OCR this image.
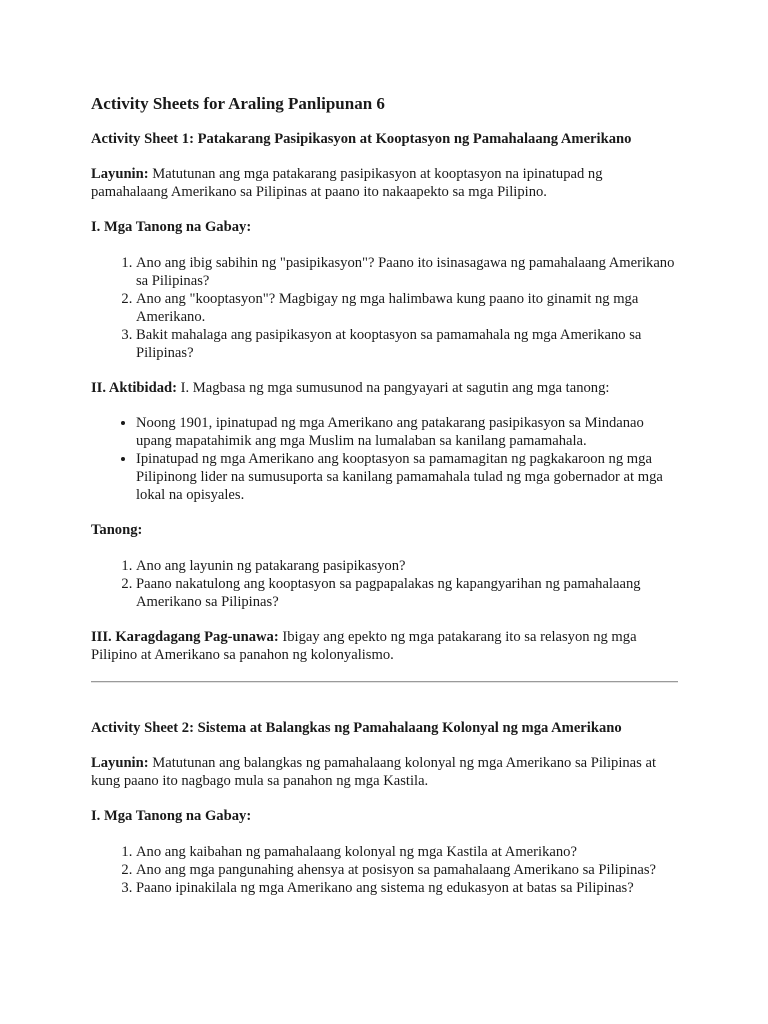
Activity Sheets for Araling Panlipunan 6
Activity Sheet 1: Patakarang Pasipikasyon at Kooptasyon ng Pamahalaang Amerikano

Layunin: Matutunan ang mga patakarang pasipikasyon at kooptasyon na ipinatupad ng pamahalaang Amerikano sa Pilipinas at paano ito nakaapekto sa mga Pilipino.

I. Mga Tanong na Gabay:
1. Ano ang ibig sabihin ng "pasipikasyon"? Paano ito isinasagawa ng pamahalaang Amerikano sa Pilipinas?
2. Ano ang "kooptasyon"? Magbigay ng mga halimbawa kung paano ito ginamit ng mga Amerikano.
3. Bakit mahalaga ang pasipikasyon at kooptasyon sa pamamahala ng mga Amerikano sa Pilipinas?

II. Aktibidad: I. Magbasa ng mga sumusunod na pangyayari at sagutin ang mga tanong:

• Noong 1901, ipinatupad ng mga Amerikano ang patakarang pasipikasyon sa Mindanao upang mapatahimik ang mga Muslim na lumalaban sa kanilang pamamahala.
• Ipinatupad ng mga Amerikano ang kooptasyon sa pamamagitan ng pagkakaroon ng mga Pilipinong lider na sumusuporta sa kanilang pamamahala tulad ng mga gobernador at mga lokal na opisyales.
Tanong:
1. Ano ang layunin ng patakarang pasipikasyon?
2. Paano nakatulong ang kooptasyon sa pagpapalakas ng kapangyarihan ng pamahalaang Amerikano sa Pilipinas?

III. Karagdagang Pag-unawa: Ibigay ang epekto ng mga patakarang ito sa relasyon ng mga Pilipino at Amerikano sa panahon ng kolonyalismo.

Activity Sheet 2: Sistema at Balangkas ng Pamahalaang Kolonyal ng mga Amerikano

Layunin: Matutunan ang balangkas ng pamahalaang kolonyal ng mga Amerikano sa Pilipinas at kung paano ito nagbago mula sa panahon ng mga Kastila.

I. Mga Tanong na Gabay:
1. Ano ang kaibahan ng pamahalaang kolonyal ng mga Kastila at Amerikano?
2. Ano ang mga pangunahing ahensya at posisyon sa pamahalaang Amerikano sa Pilipinas?
3. Paano ipinakilala ng mga Amerikano ang sistema ng edukasyon at batas sa Pilipinas?
